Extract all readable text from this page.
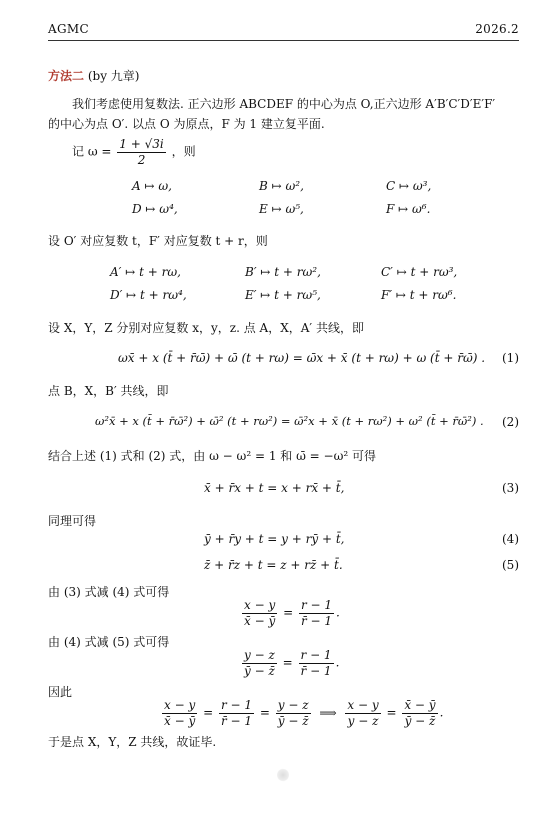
AGMC	2026.2
方法二 (by 九章)
我们考虑使用复数法. 正六边形 ABCDEF 的中心为点 O,正六边形 A′B′C′D′E′F′
的中心为点 O′. 以点 O 为原点，F 为 1 建立复平面.
记 $\omega = \frac{1 + √3i}{2}$ ，则
A ↦ ω,	B ↦ ω²,	C ↦ ω³,
D ↦ ω⁴,	E ↦ ω⁵,	F ↦ ω⁶.
设 O′ 对应复数 t，F′ 对应复数 t + r，则
A′ ↦ t + rω,	B′ ↦ t + rω²,	C′ ↦ t + rω³,
D′ ↦ t + rω⁴,	E′ ↦ t + rω⁵,	F′ ↦ t + rω⁶.
设 X，Y，Z 分别对应复数 x，y，z. 点 A，X，A′ 共线，即
ωx̄ + x (t̄ + r̄ω̄) + ω̄ (t + rω) = ω̄x + x̄ (t + rω) + ω (t̄ + r̄ω̄) . (1)
点 B，X，B′ 共线，即
ω²x̄ + x (t̄ + r̄ω̄²) + ω̄² (t + rω²) = ω̄²x + x̄ (t + rω²) + ω² (t̄ + r̄ω̄²) . (2)
结合上述 (1) 式和 (2) 式，由 ω − ω² = 1 和 ω̄ = −ω² 可得
x̄ + r̄x + t = x + rx̄ + t̄,	(3)
同理可得
ȳ + r̄y + t = y + rȳ + t̄,	(4)
z̄ + r̄z + t = z + rz̄ + t̄.	(5)
由 (3) 式减 (4) 式可得
$\frac{x - y}{x̄ - ȳ} = \frac{r - 1}{r̄ - 1}$ .
由 (4) 式减 (5) 式可得
$\frac{y - z}{ȳ - z̄} = \frac{r - 1}{r̄ - 1}$ .
因此
$\frac{x - y}{x̄ - ȳ} = \frac{r - 1}{r̄ - 1} = \frac{y - z}{ȳ - z̄}$ ⟹ $\frac{x - y}{y - z} = \frac{x̄ - ȳ}{ȳ - z̄}$ .
于是点 X，Y，Z 共线，故证毕.
